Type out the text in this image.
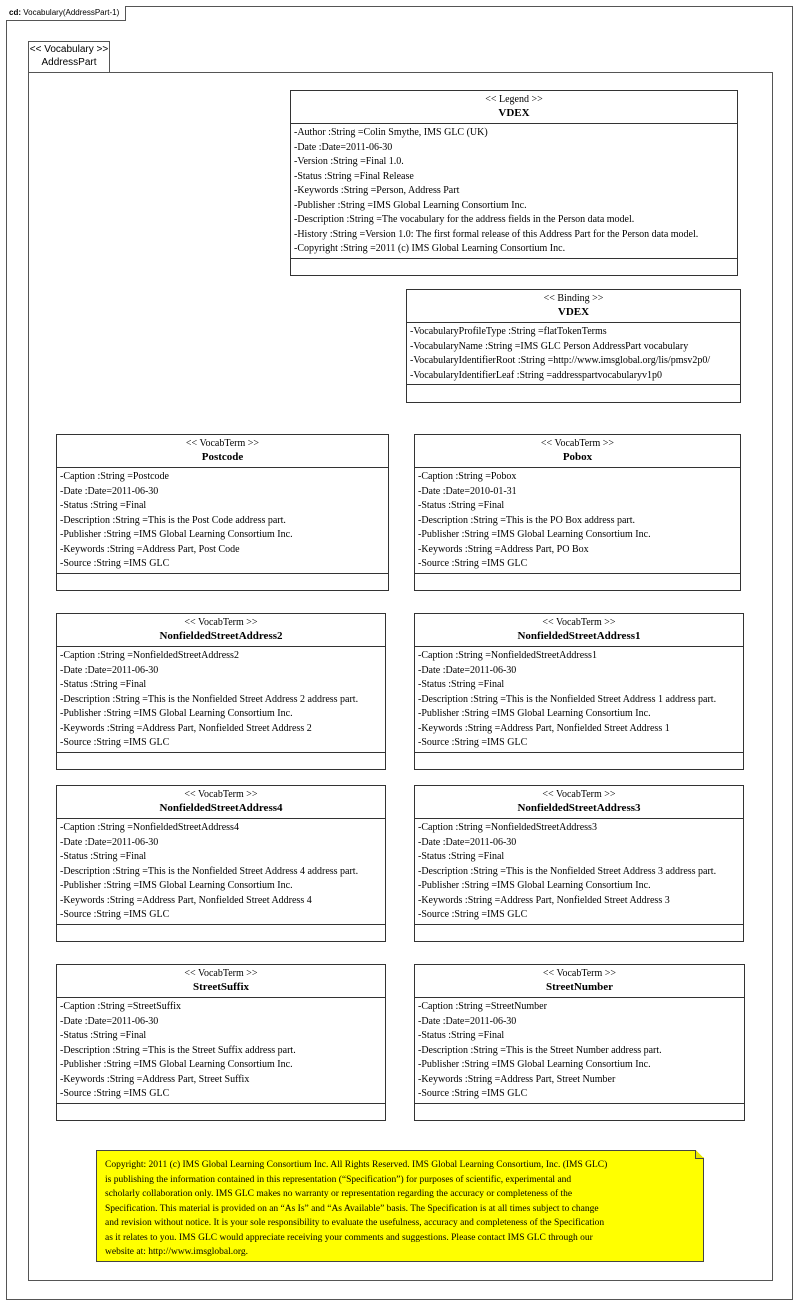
cd: Vocabulary(AddressPart-1)
<< Vocabulary >>
AddressPart
<< Legend >>
VDEX
-Author :String =Colin Smythe, IMS GLC (UK)
-Date :Date=2011-06-30
-Version :String =Final 1.0.
-Status :String =Final Release
-Keywords :String =Person, Address Part
-Publisher :String =IMS Global Learning Consortium Inc.
-Description :String =The vocabulary for the address fields in the Person data model.
-History :String =Version 1.0: The first formal release of this Address Part for the Person data model.
-Copyright :String =2011 (c) IMS Global Learning Consortium Inc.
<< Binding >>
VDEX
-VocabularyProfileType :String =flatTokenTerms
-VocabularyName :String =IMS GLC Person AddressPart vocabulary
-VocabularyIdentifierRoot :String =http://www.imsglobal.org/lis/pmsv2p0/
-VocabularyIdentifierLeaf :String =addresspartvocabularyv1p0
<< VocabTerm >>
Postcode
-Caption :String =Postcode
-Date :Date=2011-06-30
-Status :String =Final
-Description :String =This is the Post Code address part.
-Publisher :String =IMS Global Learning Consortium Inc.
-Keywords :String =Address Part, Post Code
-Source :String =IMS GLC
<< VocabTerm >>
Pobox
-Caption :String =Pobox
-Date :Date=2010-01-31
-Status :String =Final
-Description :String =This is the PO Box address part.
-Publisher :String =IMS Global Learning Consortium Inc.
-Keywords :String =Address Part, PO Box
-Source :String =IMS GLC
<< VocabTerm >>
NonfieldedStreetAddress2
-Caption :String =NonfieldedStreetAddress2
-Date :Date=2011-06-30
-Status :String =Final
-Description :String =This is the Nonfielded Street Address 2 address part.
-Publisher :String =IMS Global Learning Consortium Inc.
-Keywords :String =Address Part, Nonfielded Street Address 2
-Source :String =IMS GLC
<< VocabTerm >>
NonfieldedStreetAddress1
-Caption :String =NonfieldedStreetAddress1
-Date :Date=2011-06-30
-Status :String =Final
-Description :String =This is the Nonfielded Street Address 1 address part.
-Publisher :String =IMS Global Learning Consortium Inc.
-Keywords :String =Address Part, Nonfielded Street Address 1
-Source :String =IMS GLC
<< VocabTerm >>
NonfieldedStreetAddress4
-Caption :String =NonfieldedStreetAddress4
-Date :Date=2011-06-30
-Status :String =Final
-Description :String =This is the Nonfielded Street Address 4 address part.
-Publisher :String =IMS Global Learning Consortium Inc.
-Keywords :String =Address Part, Nonfielded Street Address 4
-Source :String =IMS GLC
<< VocabTerm >>
NonfieldedStreetAddress3
-Caption :String =NonfieldedStreetAddress3
-Date :Date=2011-06-30
-Status :String =Final
-Description :String =This is the Nonfielded Street Address 3 address part.
-Publisher :String =IMS Global Learning Consortium Inc.
-Keywords :String =Address Part, Nonfielded Street Address 3
-Source :String =IMS GLC
<< VocabTerm >>
StreetSuffix
-Caption :String =StreetSuffix
-Date :Date=2011-06-30
-Status :String =Final
-Description :String =This is the Street Suffix address part.
-Publisher :String =IMS Global Learning Consortium Inc.
-Keywords :String =Address Part, Street Suffix
-Source :String =IMS GLC
<< VocabTerm >>
StreetNumber
-Caption :String =StreetNumber
-Date :Date=2011-06-30
-Status :String =Final
-Description :String =This is the Street Number address part.
-Publisher :String =IMS Global Learning Consortium Inc.
-Keywords :String =Address Part, Street Number
-Source :String =IMS GLC
Copyright: 2011 (c) IMS Global Learning Consortium Inc. All Rights Reserved. IMS Global Learning Consortium, Inc. (IMS GLC)
is publishing the information contained in this representation (“Specification”) for purposes of scientific, experimental and
scholarly collaboration only. IMS GLC makes no warranty or representation regarding the accuracy or completeness of the
Specification. This material is provided on an “As Is” and “As Available” basis. The Specification is at all times subject to change
and revision without notice. It is your sole responsibility to evaluate the usefulness, accuracy and completeness of the Specification
as it relates to you. IMS GLC would appreciate receiving your comments and suggestions. Please contact IMS GLC through our
website at: http://www.imsglobal.org.
